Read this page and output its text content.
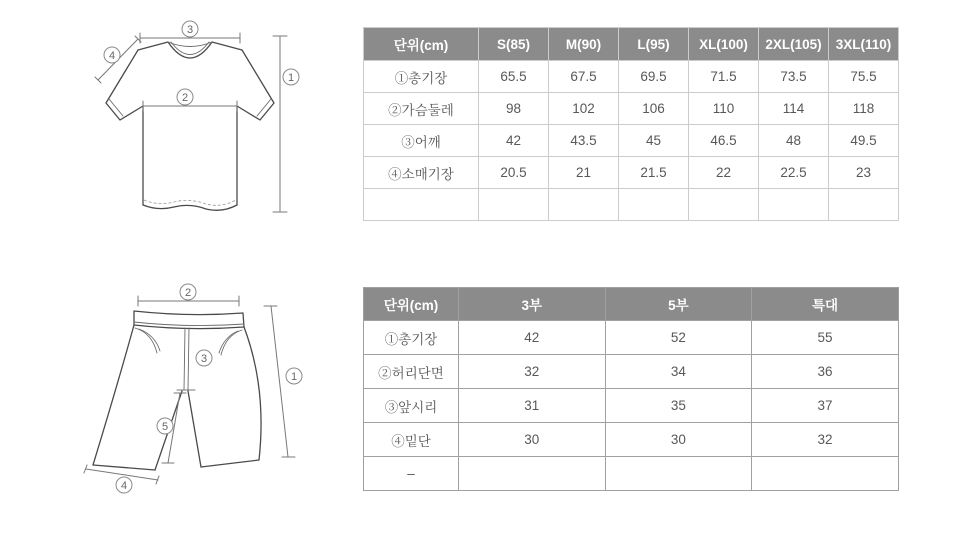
3
4
2
1
2
3
1
5
4
단위(cm)	S(85)	M(90)	L(95)	XL(100)	2XL(105)	3XL(110)
①총기장	65.5	67.5	69.5	71.5	73.5	75.5
②가슴둘레	98	102	106	110	114	118
③어깨	42	43.5	45	46.5	48	49.5
④소매기장	20.5	21	21.5	22	22.5	23

단위(cm)	3부	5부	특대
①총기장	42	52	55
②허리단면	32	34	36
③앞시리	31	35	37
④밑단	30	30	32
–			
